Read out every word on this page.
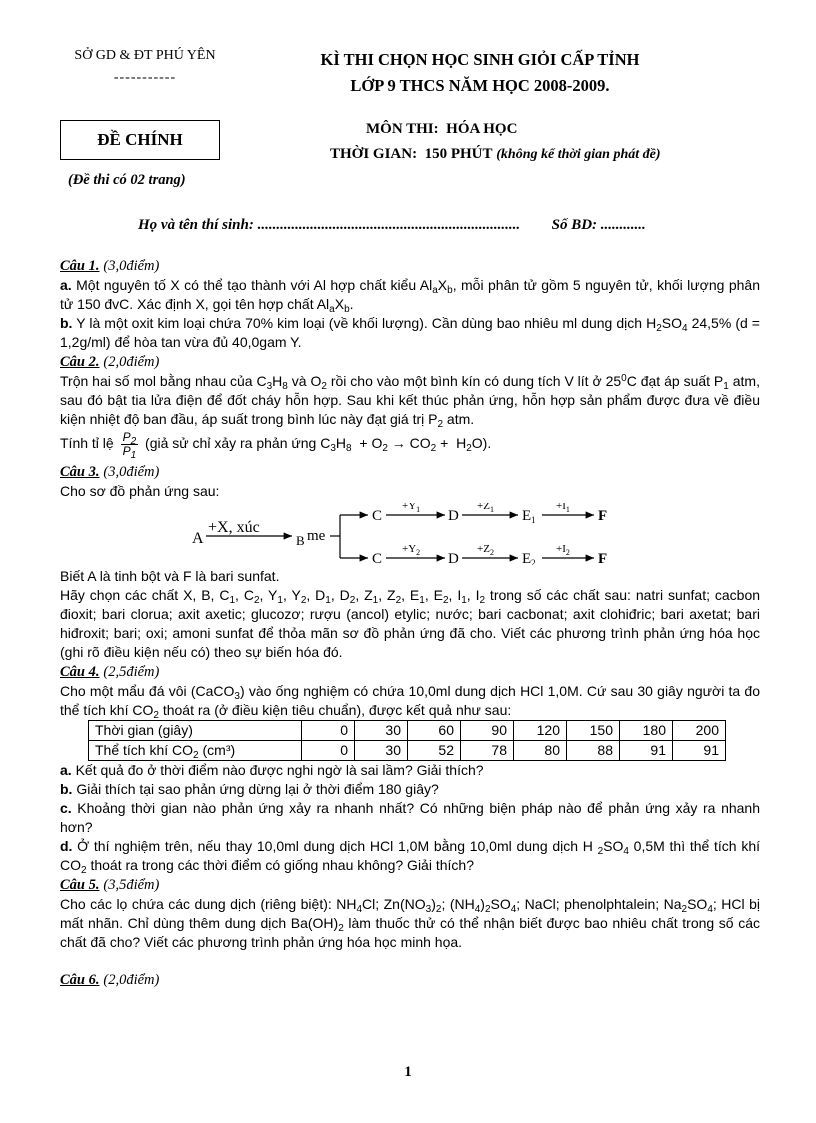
SỞ GD & ĐT PHÚ YÊN
-----------
KÌ THI CHỌN HỌC SINH GIỎI CẤP TỈNH
LỚP 9 THCS NĂM HỌC 2008-2009.
ĐỀ CHÍNH
(Đề thi có 02 trang)
MÔN THI: HÓA HỌC
THỜI GIAN: 150 PHÚT (không kể thời gian phát đề)
Họ và tên thí sinh: ...................................................................... Số BD: ............

Câu 1. (3,0điểm)

a. Một nguyên tố X có thể tạo thành với Al hợp chất kiểu $Al_aX_b$, mỗi phân tử gồm 5 nguyên tử, khối lượng phân tử 150 đvC. Xác định X, gọi tên hợp chất $Al_aX_b$.

b. Y là một oxit kim loại chứa 70% kim loại (về khối lượng). Cần dùng bao nhiêu ml dung dịch $H_2SO_4$ 24,5% (d = 1,2g/ml) để hòa tan vừa đủ 40,0gam Y.

Câu 2. (2,0điểm)

Trộn hai số mol bằng nhau của $C_3H_8$ và $O_2$ rồi cho vào một bình kín có dung tích V lít ở $25^0C$ đạt áp suất $P_1$ atm, sau đó bật tia lửa điện để đốt cháy hỗn hợp. Sau khi kết thúc phản ứng, hỗn hợp sản phẩm được đưa về điều kiện nhiệt độ ban đầu, áp suất trong bình lúc này đạt giá trị $P_2$ atm.

Tính tỉ lệ $\frac{P_2}{P_1}$ (giả sử chỉ xảy ra phản ứng $C_3H_8 + O_2 \to CO_2 + H_2O$).

Câu 3. (3,0điểm)

Cho sơ đồ phản ứng sau:

A
+X, xúc
B me
C
$+Y_1$ D
$+Z_1$ $E_1$
$+I_1$ F
C
$+Y_2$ D
$+Z_2$ $E_2$
$+I_2$ F

Biết A là tinh bột và F là bari sunfat.

Hãy chọn các chất X, B, $C_1$, $C_2$, $Y_1$, $Y_2$, $D_1$, $D_2$, $Z_1$, $Z_2$, $E_1$, $E_2$, $I_1$, $I_2$ trong số các chất sau: natri sunfat; cacbon đioxit; bari clorua; axit axetic; glucozơ; rượu (ancol) etylic; nước; bari cacbonat; axit clohiđric; bari axetat; bari hiđroxit; bari; oxi; amoni sunfat để thỏa mãn sơ đồ phản ứng đã cho. Viết các phương trình phản ứng hóa học (ghi rõ điều kiện nếu có) theo sự biến hóa đó.

Câu 4. (2,5điểm)

Cho một mẩu đá vôi (CaCO$_3$) vào ống nghiệm có chứa 10,0ml dung dịch HCl 1,0M. Cứ sau 30 giây người ta đo thể tích khí $CO_2$ thoát ra (ở điều kiện tiêu chuẩn), được kết quả như sau:

Thời gian (giây)	0	30	60	90	120	150	180	200
Thể tích khí $CO_2$ (cm³)	0	30	52	78	80	88	91	91

a. Kết quả đo ở thời điểm nào được nghi ngờ là sai lầm? Giải thích?

b. Giải thích tại sao phản ứng dừng lại ở thời điểm 180 giây?

c. Khoảng thời gian nào phản ứng xảy ra nhanh nhất? Có những biện pháp nào để phản ứng xảy ra nhanh hơn?

d. Ở thí nghiệm trên, nếu thay 10,0ml dung dịch HCl 1,0M bằng 10,0ml dung dịch H $_2SO_4$ 0,5M thì thể tích khí $CO_2$ thoát ra trong các thời điểm có giống nhau không? Giải thích?

Câu 5. (3,5điểm)

Cho các lọ chứa các dung dịch (riêng biệt): $NH_4Cl$; $Zn(NO_3)_2$; $(NH_4)_2SO_4$; NaCl; phenolphtalein; $Na_2SO_4$; HCl bị mất nhãn. Chỉ dùng thêm dung dịch $Ba(OH)_2$ làm thuốc thử có thể nhận biết được bao nhiêu chất trong số các chất đã cho? Viết các phương trình phản ứng hóa học minh họa.

Câu 6. (2,0điểm)

1
